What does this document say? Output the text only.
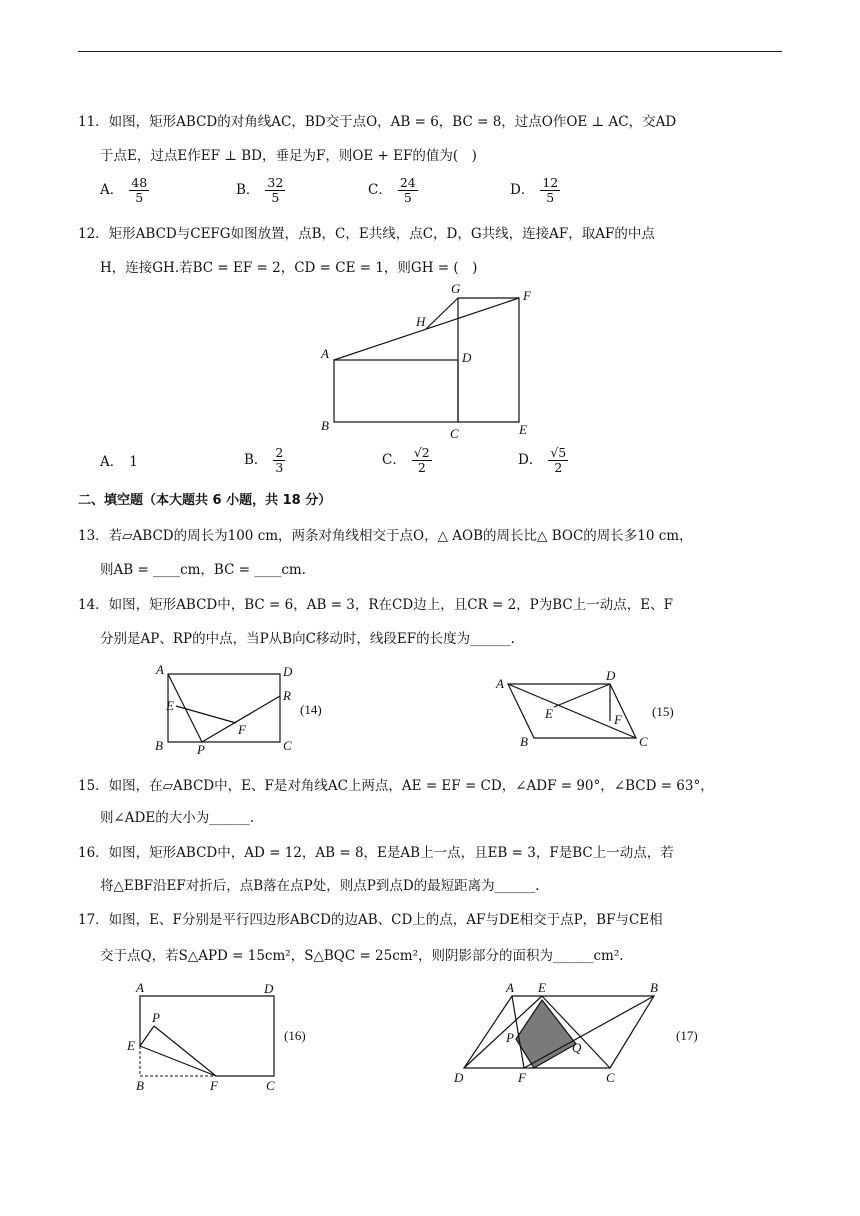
11．如图，矩形ABCD的对角线AC，BD交于点O，AB = 6，BC = 8，过点O作OE ⊥ AC，交AD
于点E，过点E作EF ⊥ BD，垂足为F，则OE + EF的值为(　)
A． $\frac{48}{5}$	B． $\frac{32}{5}$	C． $\frac{24}{5}$	D． $\frac{12}{5}$
12．矩形ABCD与CEFG如图放置，点B，C，E共线，点C，D，G共线，连接AF，取AF的中点
H，连接GH.若BC = EF = 2，CD = CE = 1，则GH = (　)
A
B
C
D
E
F
G
H
A． 1	B． $\frac{2}{3}$	C． $\frac{√2}{2}$	D． $\frac{√5}{2}$
二、填空题（本大题共 6 小题，共 18 分）
13．若▱ABCD的周长为100 cm，两条对角线相交于点O，△ AOB的周长比△ BOC的周长多10 cm，
则AB = ____cm，BC = ____cm.
14．如图，矩形ABCD中，BC = 6，AB = 3，R在CD边上，且CR = 2，P为BC上一动点，E、F
分别是AP、RP的中点，当P从B向C移动时，线段EF的长度为______.
A
B	C
D
E
F
P
R
(14)
A
B	C
D
E	F
(15)
15．如图，在▱ABCD中，E、F是对角线AC上两点，AE = EF = CD，∠ADF = 90°，∠BCD = 63°，
则∠ADE的大小为______.
16．如图，矩形ABCD中，AD = 12，AB = 8，E是AB上一点，且EB = 3，F是BC上一动点，若
将△EBF沿EF对折后，点B落在点P处，则点P到点D的最短距离为______.
17．如图，E、F分别是平行四边形ABCD的边AB、CD上的点，AF与DE相交于点P，BF与CE相
交于点Q，若S△APD = 15cm²，S△BQC = 25cm²，则阴影部分的面积为______cm².
A
B	C
D
E
F
P
(16)
A	B
C
D
E
F
P
Q
(17)
